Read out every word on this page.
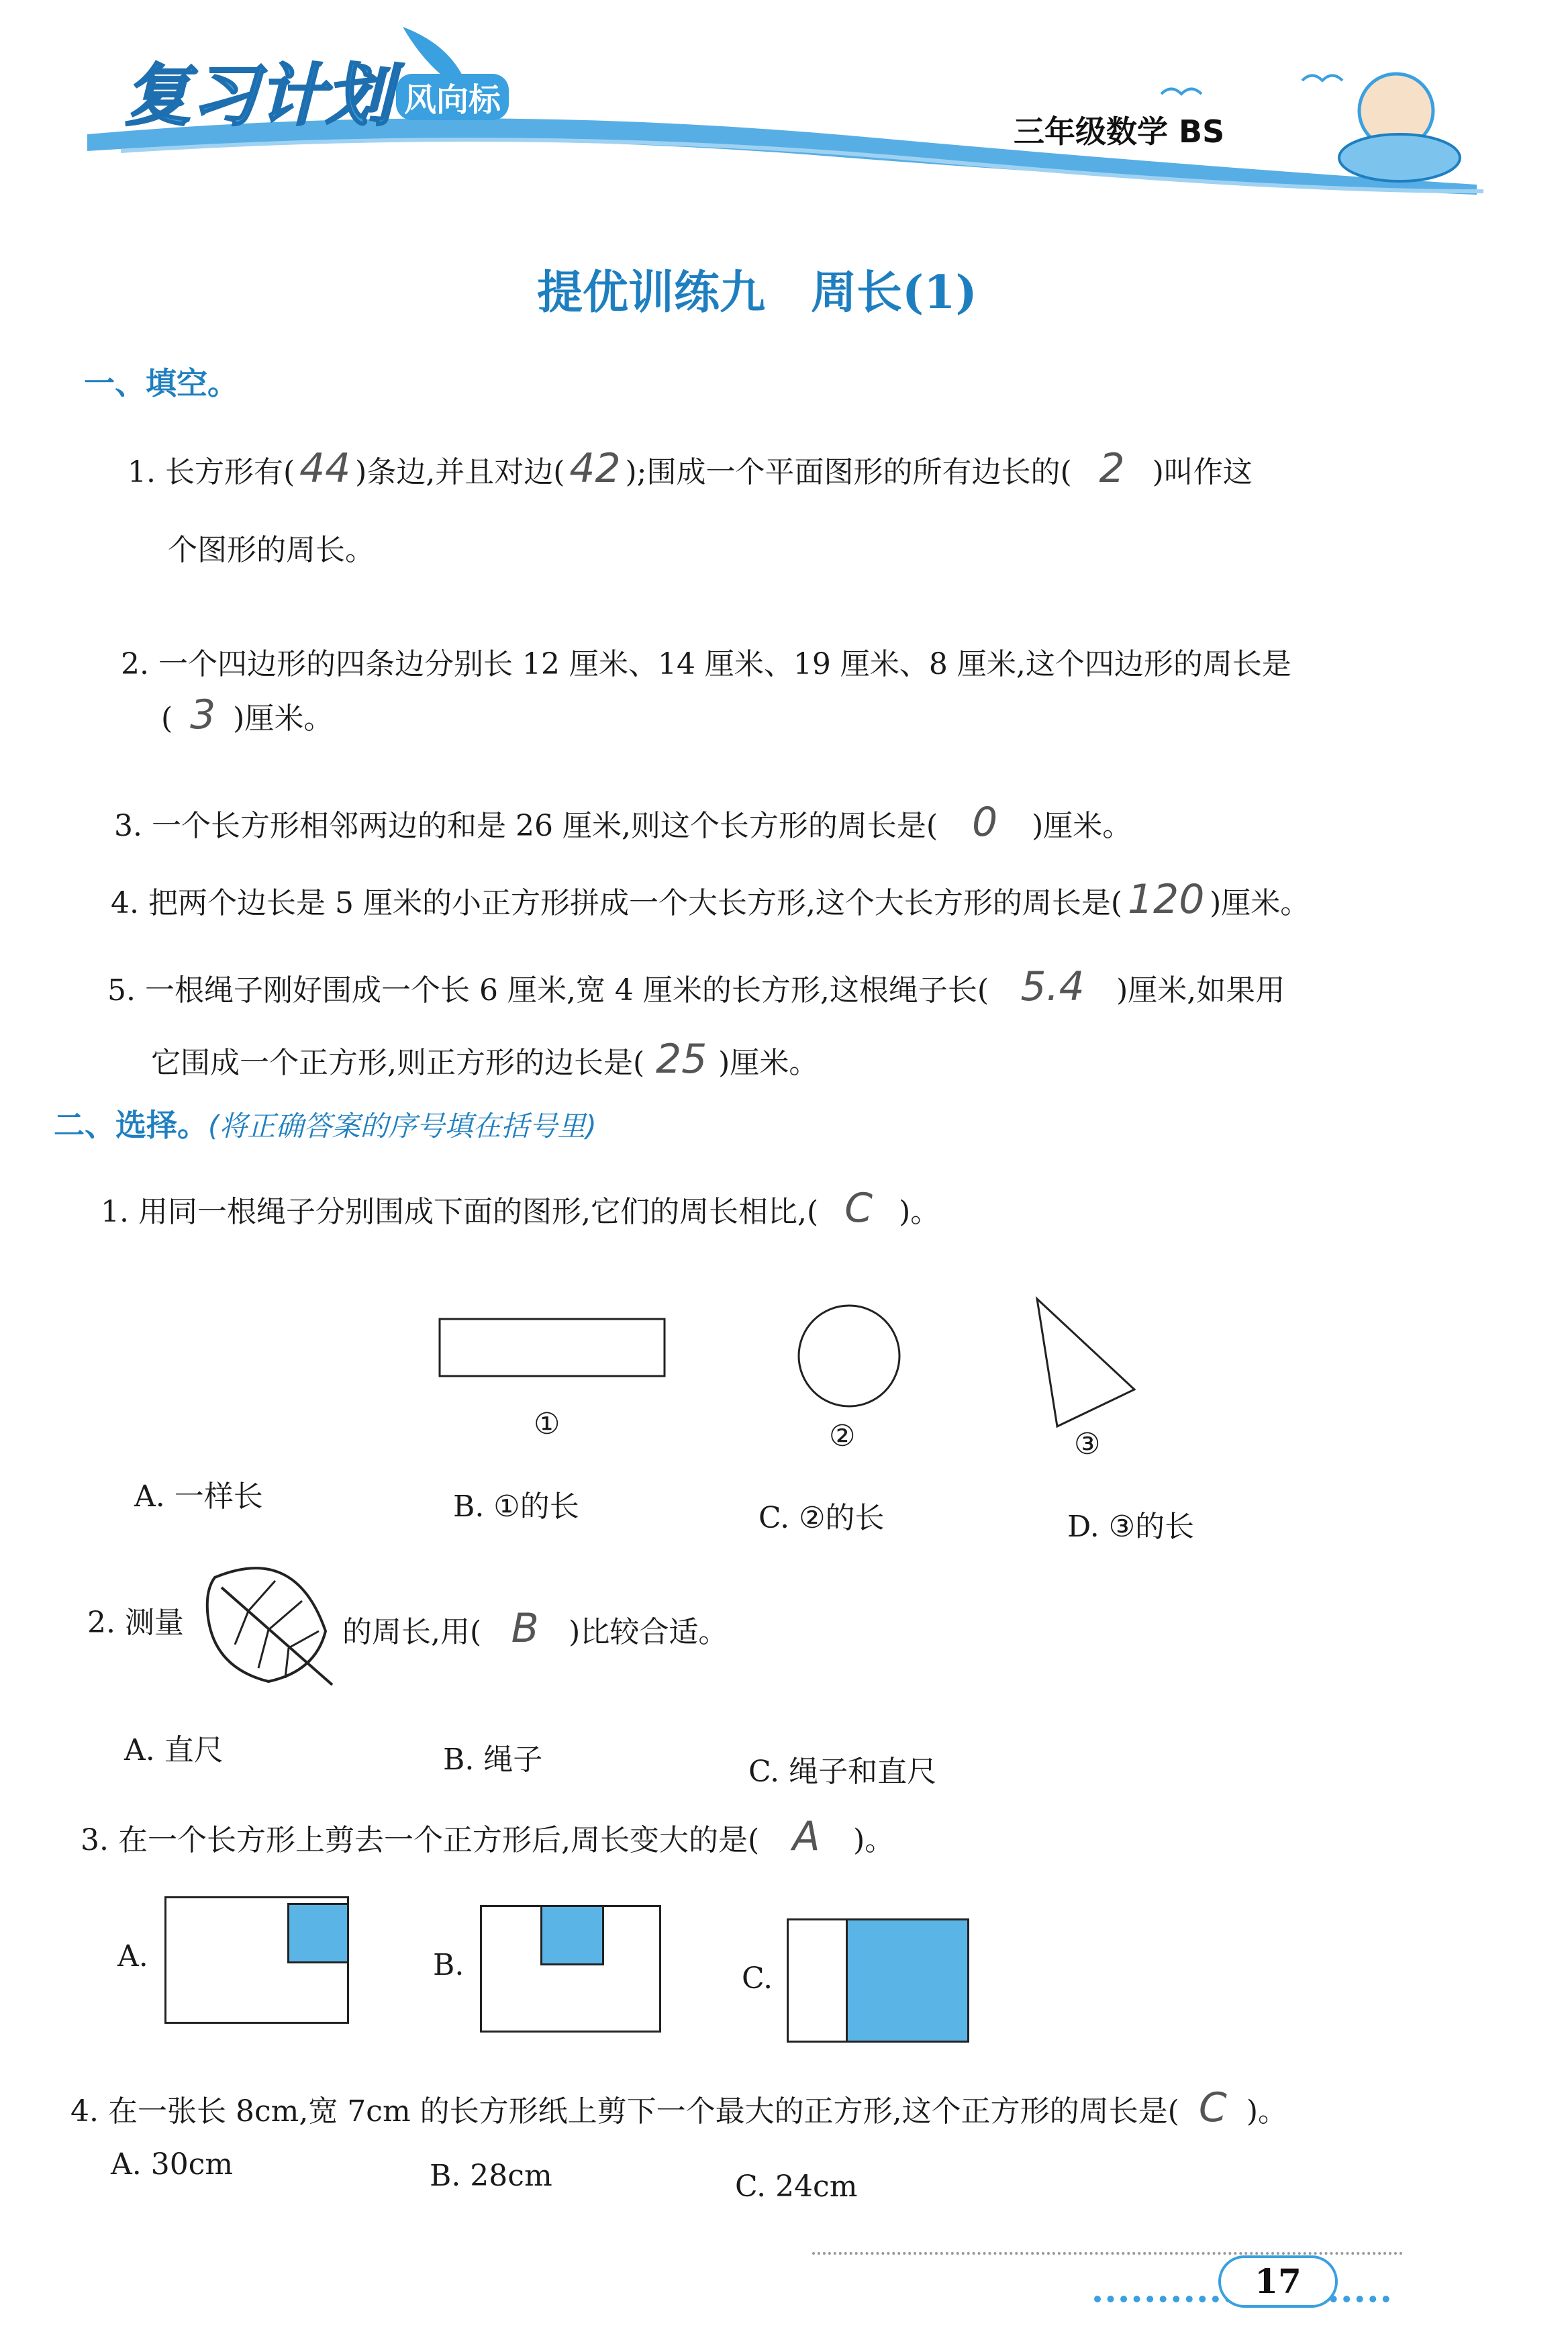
复习计划 风向标
三年级数学 BS
提优训练九　周长(1)
一、填空。
1. 长方形有( 44 )条边,并且对边( 42 );围成一个平面图形的所有边长的( 2 )叫作这
个图形的周长。
2. 一个四边形的四条边分别长 12 厘米、14 厘米、19 厘米、8 厘米,这个四边形的周长是
( 3 )厘米。
3. 一个长方形相邻两边的和是 26 厘米,则这个长方形的周长是( 0 )厘米。
4. 把两个边长是 5 厘米的小正方形拼成一个大长方形,这个大长方形的周长是( 120 )厘米。
5. 一根绳子刚好围成一个长 6 厘米,宽 4 厘米的长方形,这根绳子长( 5.4 )厘米,如果用
它围成一个正方形,则正方形的边长是( 25 )厘米。
二、选择。(将正确答案的序号填在括号里)
1. 用同一根绳子分别围成下面的图形,它们的周长相比,( C )。
①	②	③
A. 一样长	B. ①的长	C. ②的长	D. ③的长
2. 测量	的周长,用( B )比较合适。
A. 直尺	B. 绳子	C. 绳子和直尺
3. 在一个长方形上剪去一个正方形后,周长变大的是( A )。
A.	B.	C.
4. 在一张长 8cm,宽 7cm 的长方形纸上剪下一个最大的正方形,这个正方形的周长是( C )。
A. 30cm	B. 28cm	C. 24cm
17
